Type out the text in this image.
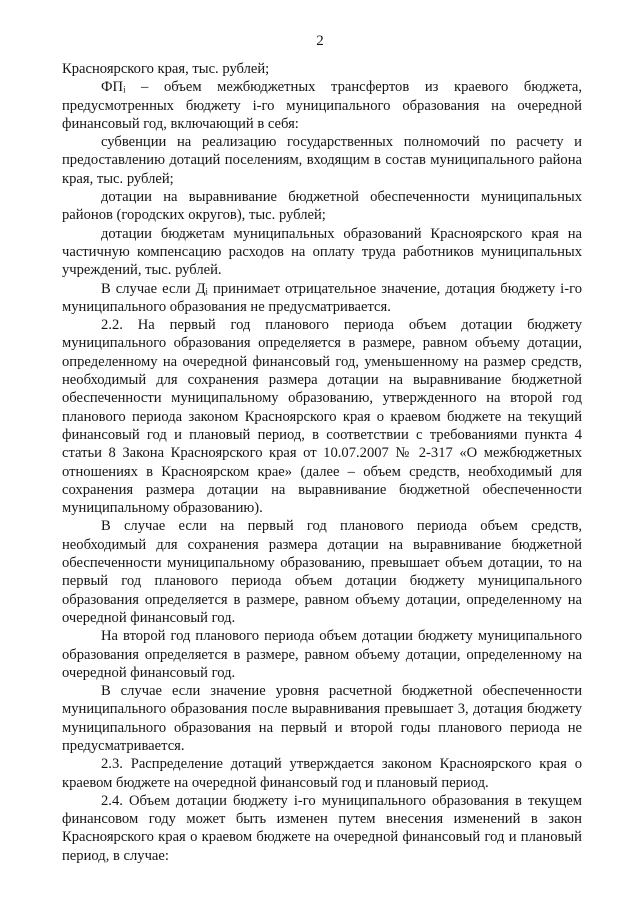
2

Красноярского края, тыс. рублей;

ФПᵢ – объем межбюджетных трансфертов из краевого бюджета, предусмотренных бюджету i-го муниципального образования на очередной финансовый год, включающий в себя:

субвенции на реализацию государственных полномочий по расчету и предоставлению дотаций поселениям, входящим в состав муниципального района края, тыс. рублей;

дотации на выравнивание бюджетной обеспеченности муниципальных районов (городских округов), тыс. рублей;

дотации бюджетам муниципальных образований Красноярского края на частичную компенсацию расходов на оплату труда работников муниципальных учреждений, тыс. рублей.

В случае если Дᵢ принимает отрицательное значение, дотация бюджету i-го муниципального образования не предусматривается.

2.2. На первый год планового периода объем дотации бюджету муниципального образования определяется в размере, равном объему дотации, определенному на очередной финансовый год, уменьшенному на размер средств, необходимый для сохранения размера дотации на выравнивание бюджетной обеспеченности муниципальному образованию, утвержденного на второй год планового периода законом Красноярского края о краевом бюджете на текущий финансовый год и плановый период, в соответствии с требованиями пункта 4 статьи 8 Закона Красноярского края от 10.07.2007 № 2-317 «О межбюджетных отношениях в Красноярском крае» (далее – объем средств, необходимый для сохранения размера дотации на выравнивание бюджетной обеспеченности муниципальному образованию).

В случае если на первый год планового периода объем средств, необходимый для сохранения размера дотации на выравнивание бюджетной обеспеченности муниципальному образованию, превышает объем дотации, то на первый год планового периода объем дотации бюджету муниципального образования определяется в размере, равном объему дотации, определенному на очередной финансовый год.

На второй год планового периода объем дотации бюджету муниципального образования определяется в размере, равном объему дотации, определенному на очередной финансовый год.

В случае если значение уровня расчетной бюджетной обеспеченности муниципального образования после выравнивания превышает 3, дотация бюджету муниципального образования на первый и второй годы планового периода не предусматривается.

2.3. Распределение дотаций утверждается законом Красноярского края о краевом бюджете на очередной финансовый год и плановый период.

2.4. Объем дотации бюджету i-го муниципального образования в текущем финансовом году может быть изменен путем внесения изменений в закон Красноярского края о краевом бюджете на очередной финансовый год и плановый период, в случае:
